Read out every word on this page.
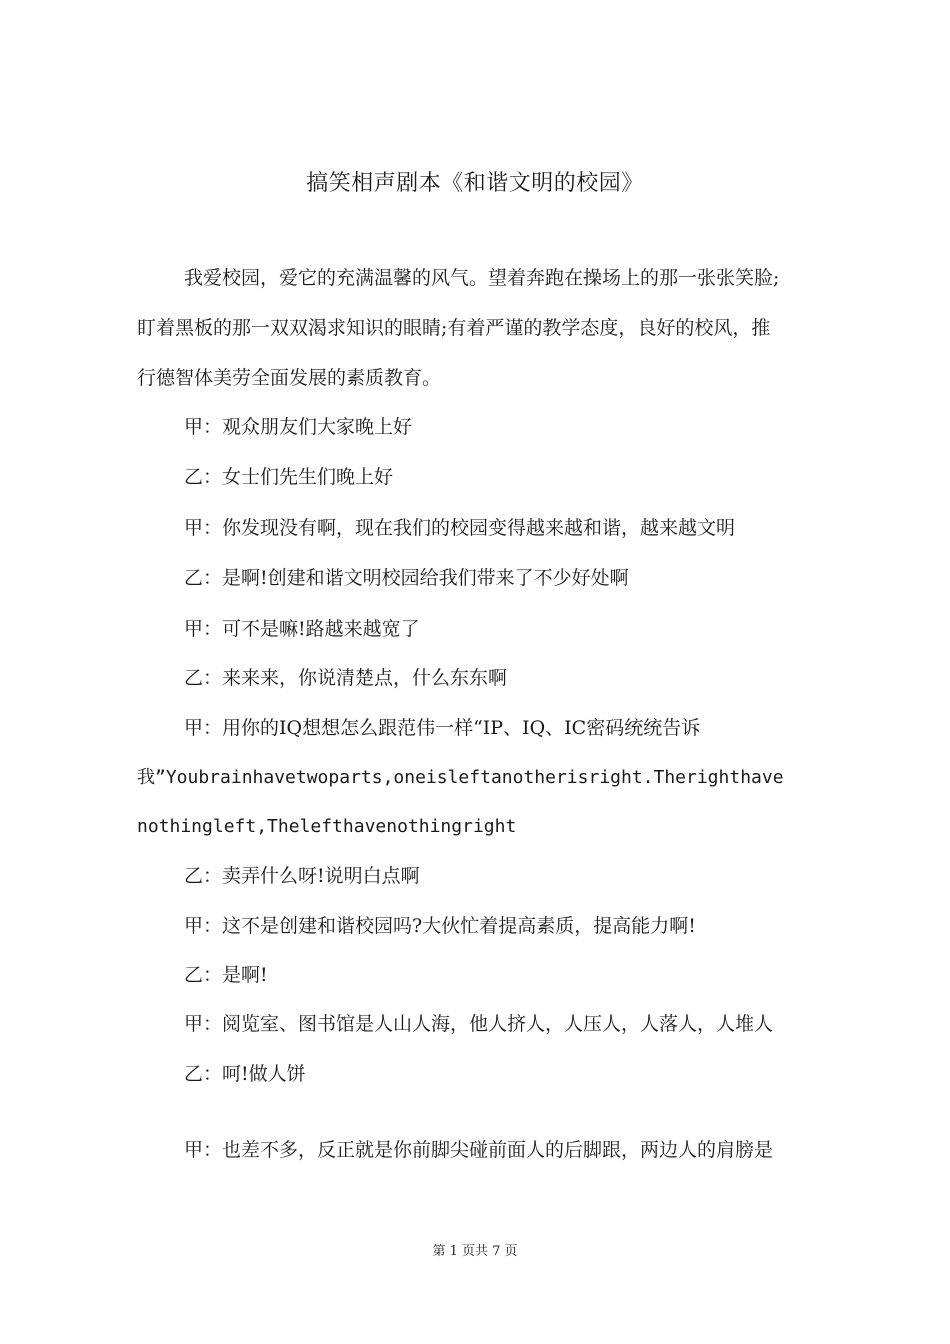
搞笑相声剧本《和谐文明的校园》
我爱校园，爱它的充满温馨的风气。望着奔跑在操场上的那一张张笑脸;
盯着黑板的那一双双渴求知识的眼睛;有着严谨的教学态度，良好的校风，推
行德智体美劳全面发展的素质教育。
甲：观众朋友们大家晚上好
乙：女士们先生们晚上好
甲：你发现没有啊，现在我们的校园变得越来越和谐，越来越文明
乙：是啊!创建和谐文明校园给我们带来了不少好处啊
甲：可不是嘛!路越来越宽了
乙：来来来，你说清楚点，什么东东啊
甲：用你的IQ想想怎么跟范伟一样“IP、IQ、IC密码统统告诉
我”Youbrainhavetwoparts,oneisleftanotherisright.Therighthave
nothingleft,Thelefthavenothingright
乙：卖弄什么呀!说明白点啊
甲：这不是创建和谐校园吗?大伙忙着提高素质，提高能力啊!
乙：是啊!
甲：阅览室、图书馆是人山人海，他人挤人，人压人，人落人，人堆人
乙：呵!做人饼
甲：也差不多，反正就是你前脚尖碰前面人的后脚跟，两边人的肩膀是
第 1 页共 7 页
